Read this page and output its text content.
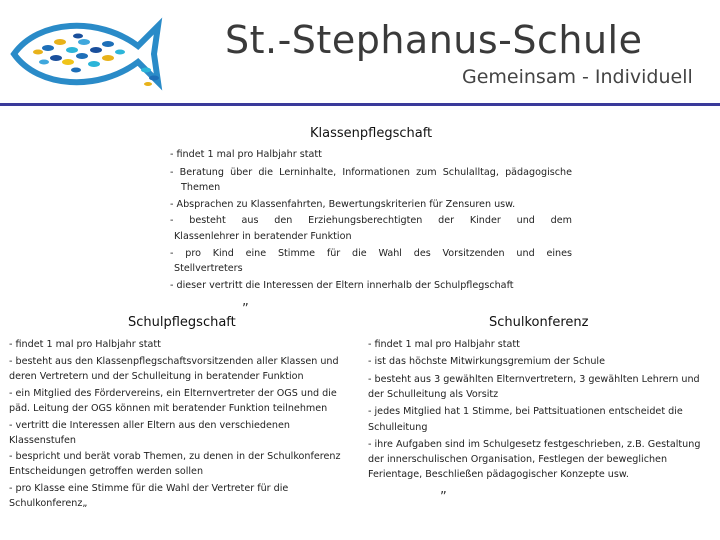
St.-Stephanus-Schule
Gemeinsam - Individuell
Klassenpflegschaft
- findet 1 mal pro Halbjahr statt
- Beratung über die Lerninhalte, Informationen zum Schulalltag, pädagogische
Themen
- Absprachen zu Klassenfahrten, Bewertungskriterien für Zensuren usw.
- besteht aus den Erziehungsberechtigten der Kinder und dem
Klassenlehrer in beratender Funktion
- pro Kind eine Stimme für die Wahl des Vorsitzenden und eines
Stellvertreters
- dieser vertritt die Interessen der Eltern innerhalb der Schulpflegschaft
Schulpflegschaft
”
- findet 1 mal pro Halbjahr statt
- besteht aus den Klassenpflegschaftsvorsitzenden aller Klassen und
deren Vertretern und der Schulleitung in beratender Funktion
- ein Mitglied des Fördervereins, ein Elternvertreter der OGS und die
päd. Leitung der OGS können mit beratender Funktion teilnehmen
- vertritt die Interessen aller Eltern aus den verschiedenen
Klassenstufen
- bespricht und berät vorab Themen, zu denen in der Schulkonferenz
Entscheidungen getroffen werden sollen
- pro Klasse eine Stimme für die Wahl der Vertreter für die
Schulkonferenz„
Schulkonferenz
- findet 1 mal pro Halbjahr statt
- ist das höchste Mitwirkungsgremium der Schule
- besteht aus 3 gewählten Elternvertretern, 3 gewählten Lehrern und
der Schulleitung als Vorsitz
- jedes Mitglied hat 1 Stimme, bei Pattsituationen entscheidet die
Schulleitung
- ihre Aufgaben sind im Schulgesetz festgeschrieben, z.B. Gestaltung
der innerschulischen Organisation, Festlegen der beweglichen
Ferientage, Beschließen pädagogischer Konzepte usw.
”
